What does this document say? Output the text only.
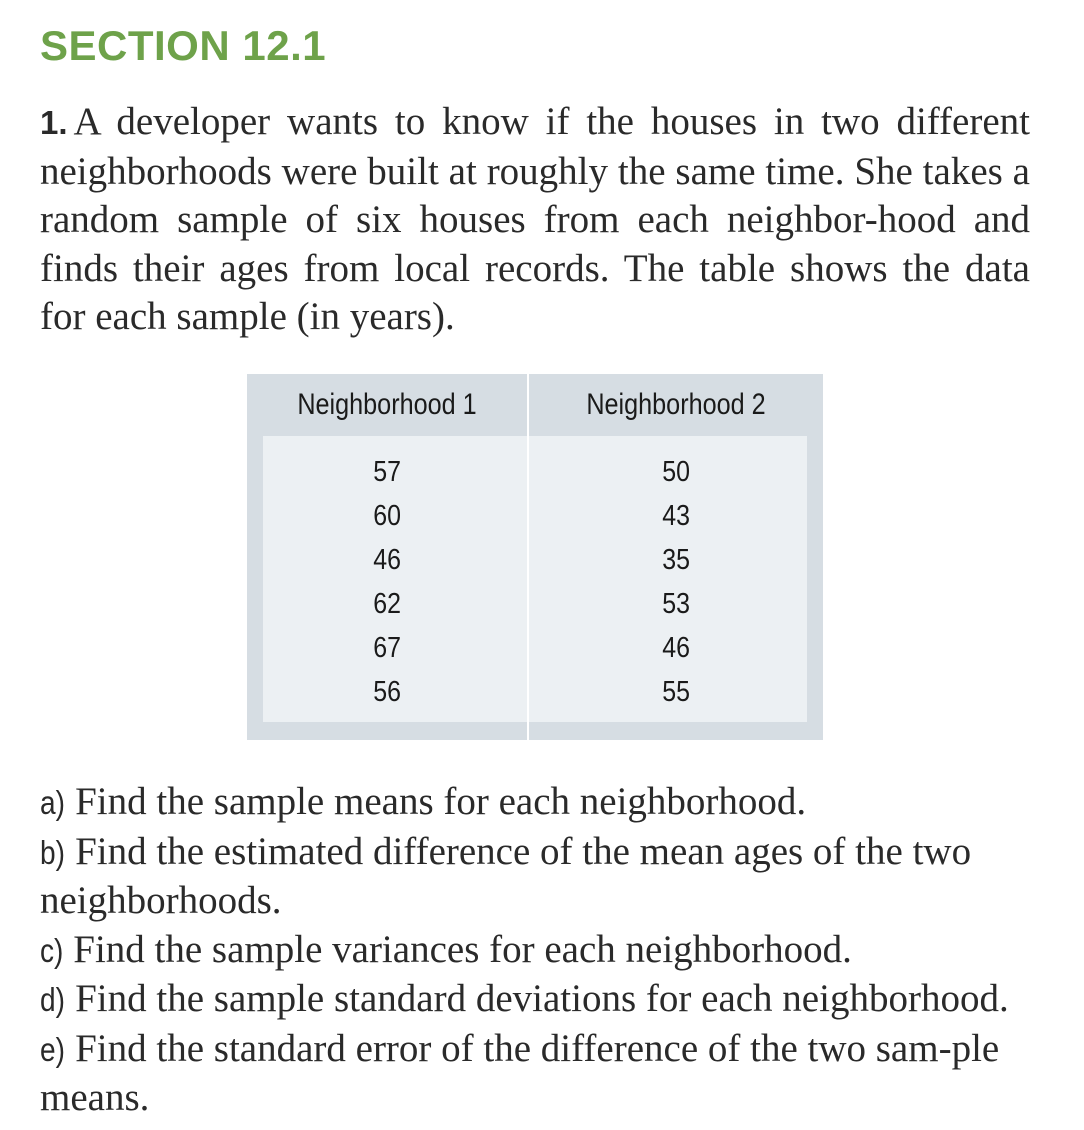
SECTION 12.1

1. A developer wants to know if the houses in two different neighborhoods were built at roughly the same time. She takes a random sample of six houses from each neighbor-hood and finds their ages from local records. The table shows the data for each sample (in years).

Neighborhood 1	Neighborhood 2
57
60
46
62
67
56
50
43
35
53
46
55
a) Find the sample means for each neighborhood.
b) Find the estimated difference of the mean ages of the two neighborhoods.
c) Find the sample variances for each neighborhood.
d) Find the sample standard deviations for each neighborhood.
e) Find the standard error of the difference of the two sam-ple means.
